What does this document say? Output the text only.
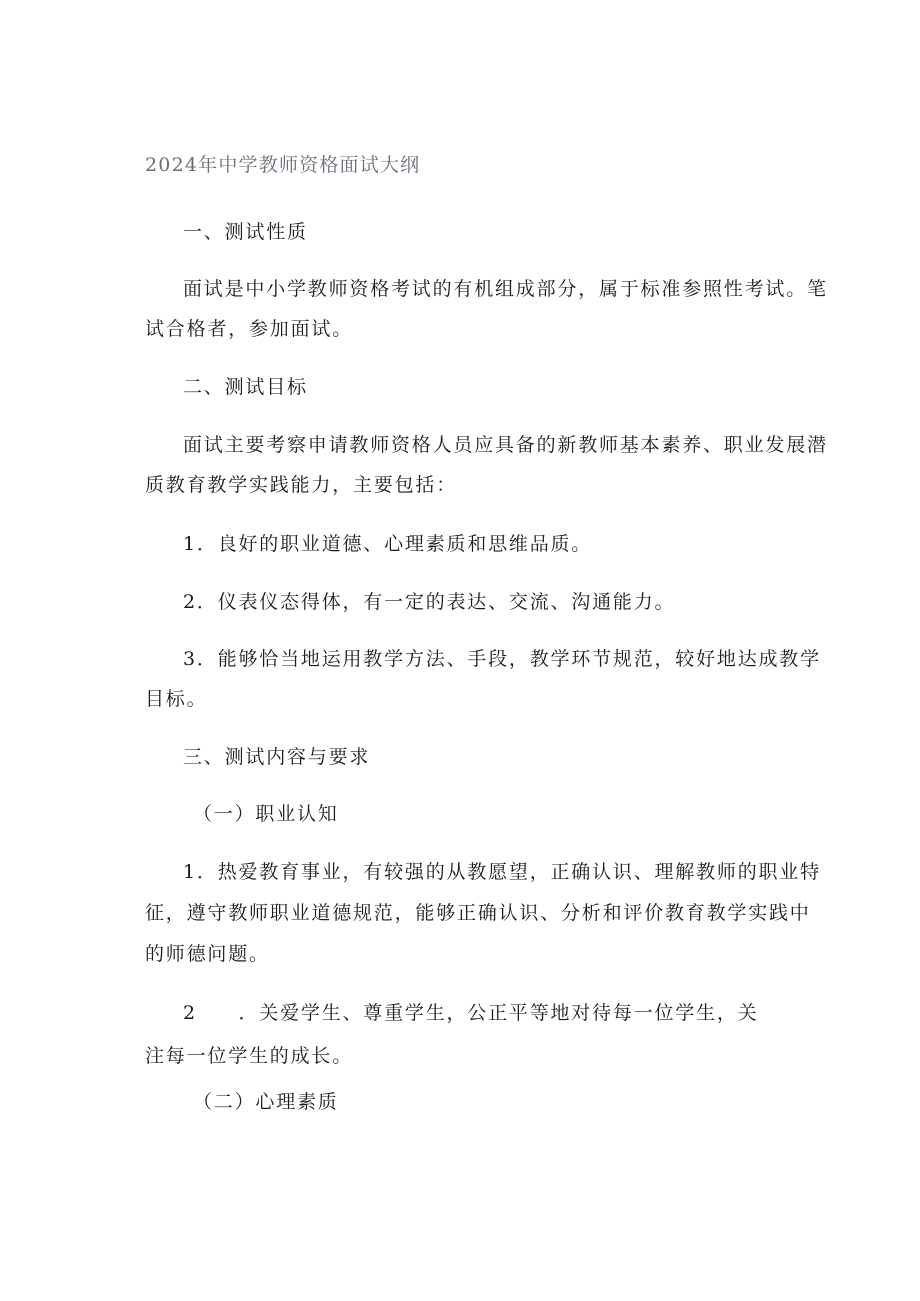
2024年中学教师资格面试大纲
一、测试性质
面试是中小学教师资格考试的有机组成部分，属于标准参照性考试。笔
试合格者，参加面试。
二、测试目标
面试主要考察申请教师资格人员应具备的新教师基本素养、职业发展潜
质教育教学实践能力，主要包括：
1．良好的职业道德、心理素质和思维品质。
2．仪表仪态得体，有一定的表达、交流、沟通能力。
3．能够恰当地运用教学方法、手段，教学环节规范，较好地达成教学
目标。
三、测试内容与要求
（一）职业认知
1．热爱教育事业，有较强的从教愿望，正确认识、理解教师的职业特
征，遵守教师职业道德规范，能够正确认识、分析和评价教育教学实践中
的师德问题。
2　　．关爱学生、尊重学生，公正平等地对待每一位学生，关
注每一位学生的成长。
（二）心理素质
